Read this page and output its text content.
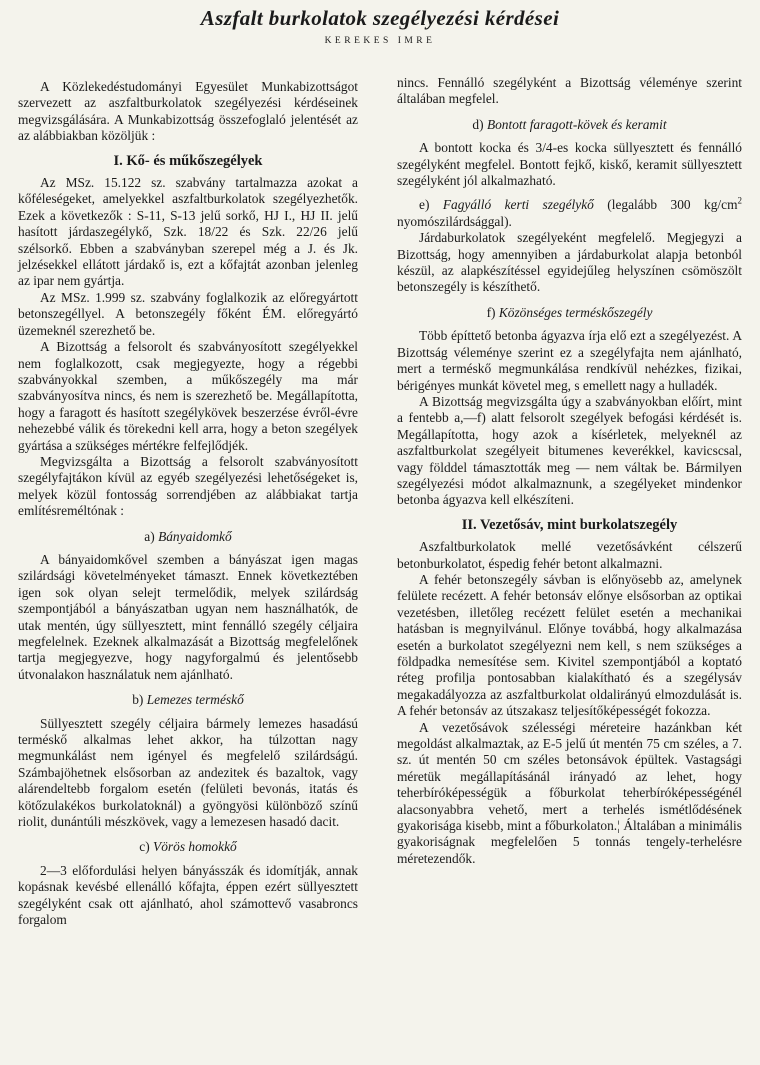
Aszfalt burkolatok szegélyezési kérdései
KEREKES IMRE

A Közlekedéstudományi Egyesület Munkabizottságot szervezett az aszfaltburkolatok szegélyezési kérdéseinek megvizsgálására. A Munkabizottság összefoglaló jelentését az az alábbiakban közöljük :

I. Kő- és műkőszegélyek

Az MSz. 15.122 sz. szabvány tartalmazza azokat a kőféleségeket, amelyekkel aszfaltburkolatok szegélyezhetők. Ezek a következők : S-11, S-13 jelű sorkő, HJ I., HJ II. jelű hasított járdaszegélykő, Szk. 18/22 és Szk. 22/26 jelű szélsorkő. Ebben a szabványban szerepel még a J. és Jk. jelzésekkel ellátott járdakő is, ezt a kőfajtát azonban jelenleg az ipar nem gyártja.

Az MSz. 1.999 sz. szabvány foglalkozik az előregyártott betonszegéllyel. A betonszegély főként ÉM. előregyártó üzemeknél szerezhető be.

A Bizottság a felsorolt és szabványosított szegélyekkel nem foglalkozott, csak megjegyezte, hogy a régebbi szabványokkal szemben, a műkőszegély ma már szabványosítva nincs, és nem is szerezhető be. Megállapította, hogy a faragott és hasított szegélykövek beszerzése évről-évre nehezebbé válik és törekedni kell arra, hogy a beton szegélyek gyártása a szükséges mértékre felfejlődjék.

Megvizsgálta a Bizottság a felsorolt szabványosított szegélyfajtákon kívül az egyéb szegélyezési lehetőségeket is, melyek közül fontosság sorrendjében az alábbiakat tartja említésreméltónak :

a) Bányaidomkő

A bányaidomkővel szemben a bányászat igen magas szilárdsági követelményeket támaszt. Ennek következtében igen sok olyan selejt termelődik, melyek szilárdság szempontjából a bányászatban ugyan nem használhatók, de utak mentén, úgy süllyesztett, mint fennálló szegély céljaira megfelelnek. Ezeknek alkalmazását a Bizottság megfelelőnek tartja megjegyezve, hogy nagyforgalmú és jelentősebb útvonalakon használatuk nem ajánlható.

b) Lemezes terméskő

Süllyesztett szegély céljaira bármely lemezes hasadású terméskő alkalmas lehet akkor, ha túlzottan nagy megmunkálást nem igényel és megfelelő szilárdságú. Számbajöhetnek elsősorban az andezitek és bazaltok, vagy alárendeltebb forgalom esetén (felületi bevonás, itatás és kötőzulakékos burkolatoknál) a gyöngyösi különböző színű riolit, dunántúli mészkövek, vagy a lemezesen hasadó dacit.

c) Vörös homokkő

2—3 előfordulási helyen bányásszák és idomítják, annak kopásnak kevésbé ellenálló kőfajta, éppen ezért süllyesztett szegélyként csak ott ajánlható, ahol számottevő vasabroncs forgalom

nincs. Fennálló szegélyként a Bizottság véleménye szerint általában megfelel.

d) Bontott faragott-kövek és keramit

A bontott kocka és 3/4-es kocka süllyesztett és fennálló szegélyként megfelel. Bontott fejkő, kiskő, keramit süllyesztett szegélyként jól alkalmazható.

e) Fagyálló kerti szegélykő (legalább 300 $kg/cm^2$ nyomószilárdsággal).

Járdaburkolatok szegélyeként megfelelő. Megjegyzi a Bizottság, hogy amennyiben a járdaburkolat alapja betonból készül, az alapkészítéssel egyidejűleg helyszínen csömöszölt betonszegély is készíthető.

f) Közönséges terméskőszegély

Több építtető betonba ágyazva írja elő ezt a szegélyezést. A Bizottság véleménye szerint ez a szegélyfajta nem ajánlható, mert a terméskő megmunkálása rendkívül nehézkes, fizikai, bérigényes munkát követel meg, s emellett nagy a hulladék.

A Bizottság megvizsgálta úgy a szabványokban előírt, mint a fentebb a,—f) alatt felsorolt szegélyek befogási kérdését is. Megállapította, hogy azok a kísérletek, melyeknél az aszfaltburkolat szegélyeit bitumenes keverékkel, kavicscsal, vagy földdel támasztották meg — nem váltak be. Bármilyen szegélyezési módot alkalmaznunk, a szegélyeket mindenkor betonba ágyazva kell elkészíteni.

II. Vezetősáv, mint burkolatszegély

Aszfaltburkolatok mellé vezetősávként célszerű betonburkolatot, éspedig fehér betont alkalmazni.

A fehér betonszegély sávban is előnyösebb az, amelynek felülete recézett. A fehér betonsáv előnye elsősorban az optikai vezetésben, illetőleg recézett felület esetén a mechanikai hatásban is megnyilvánul. Előnye továbbá, hogy alkalmazása esetén a burkolatot szegélyezni nem kell, s nem szükséges a földpadka nemesítése sem. Kivitel szempontjából a koptató réteg profilja pontosabban kialakítható és a szegélysáv megakadályozza az aszfaltburkolat oldalirányú elmozdulását is. A fehér betonsáv az útszakasz teljesítőképességét fokozza.

A vezetősávok szélességi méreteire hazánkban két megoldást alkalmaztak, az E-5 jelű út mentén 75 cm széles, a 7. sz. út mentén 50 cm széles betonsávok épültek. Vastagsági méretük megállapításánál irányadó az lehet, hogy teherbíróképességük a főburkolat teherbíróképességénél alacsonyabbra vehető, mert a terhelés ismétlődésének gyakorisága kisebb, mint a főburkolaton.¦ Általában a minimális gyakoriságnak megfelelően 5 tonnás tengely-terhelésre méretezendők.
